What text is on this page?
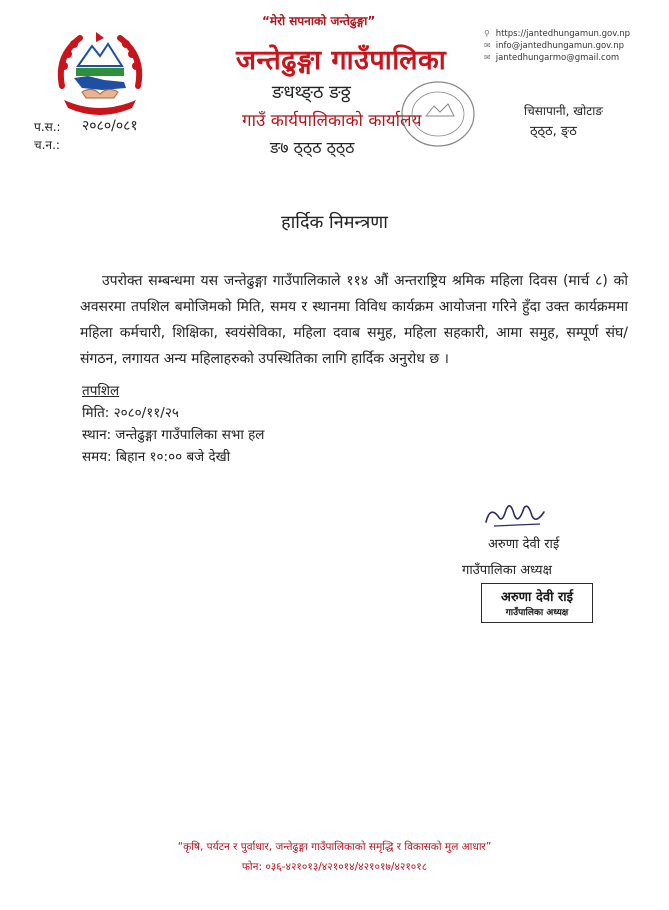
“मेरो सपनाको जन्तेढुङ्गा”
जन्तेढुङ्गा गाउँपालिका
ङधथ्ङ्ठ ङठ्ठ
गाउँ कार्यपालिकाको कार्यालय
ङ७ ठ्ठ्ठ ठ्ठ्ठ
⚲ https://jantedhungamun.gov.np
✉ info@jantedhungamun.gov.np
✉ jantedhungarmo@gmail.com
चिसापानी, खोटाङ
ठ्ठ्ठ, ङ्ठ
प.स.: २०८०/०८१
च.न.:
हार्दिक निमन्त्रणा
उपरोक्त सम्बन्धमा यस जन्तेढुङ्गा गाउँपालिकाले ११४ औं अन्तराष्ट्रिय श्रमिक महिला दिवस (मार्च ८) को अवसरमा तपशिल बमोजिमको मिति, समय र स्थानमा विविध कार्यक्रम आयोजना गरिने हुँदा उक्त कार्यक्रममा महिला कर्मचारी, शिक्षिका, स्वयंसेविका, महिला दवाब समुह, महिला सहकारी, आमा समुह, सम्पूर्ण संघ/संगठन, लगायत अन्य महिलाहरुको उपस्थितिका लागि हार्दिक अनुरोध छ ।
तपशिल
मिति: २०८०/११/२५
स्थान: जन्तेढुङ्गा गाउँपालिका सभा हल
समय: बिहान १०:०० बजे देखी
अरुणा देवी राई
गाउँपालिका अध्यक्ष
अरुणा देवी राई
गाउँपालिका अध्यक्ष
“कृषि, पर्यटन र पुर्वाधार, जन्तेढुङ्गा गाउँपालिकाको समृद्धि र विकासको मुल आधार”
फोन: ०३६-४२१०१३/४२१०१४/४२१०१७/४२१०१८
